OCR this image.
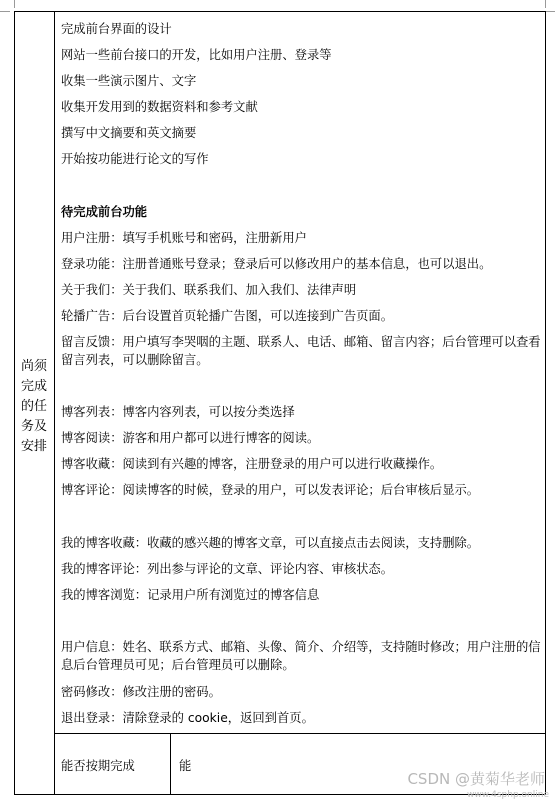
尚须完成的任务及安排
完成前台界面的设计
网站一些前台接口的开发，比如用户注册、登录等
收集一些演示图片、文字
收集开发用到的数据资料和参考文献
撰写中文摘要和英文摘要
开始按功能进行论文的写作
待完成前台功能
用户注册：填写手机账号和密码，注册新用户
登录功能：注册普通账号登录；登录后可以修改用户的基本信息，也可以退出。
关于我们：关于我们、联系我们、加入我们、法律声明
轮播广告：后台设置首页轮播广告图，可以连接到广告页面。
留言反馈：用户填写李哭咽的主题、联系人、电话、邮箱、留言内容；后台管理可以查看留言列表，可以删除留言。
博客列表：博客内容列表，可以按分类选择
博客阅读：游客和用户都可以进行博客的阅读。
博客收藏：阅读到有兴趣的博客，注册登录的用户可以进行收藏操作。
博客评论：阅读博客的时候，登录的用户，可以发表评论；后台审核后显示。
我的博客收藏：收藏的感兴趣的博客文章，可以直接点击去阅读，支持删除。
我的博客评论：列出参与评论的文章、评论内容、审核状态。
我的博客浏览：记录用户所有浏览过的博客信息
用户信息：姓名、联系方式、邮箱、头像、简介、介绍等，支持随时修改；用户注册的信息后台管理员可见；后台管理员可以删除。
密码修改：修改注册的密码。
退出登录：清除登录的 cookie，返回到首页。
能否按期完成	能
CSDN @黄菊华老师
www.4sphp.online
